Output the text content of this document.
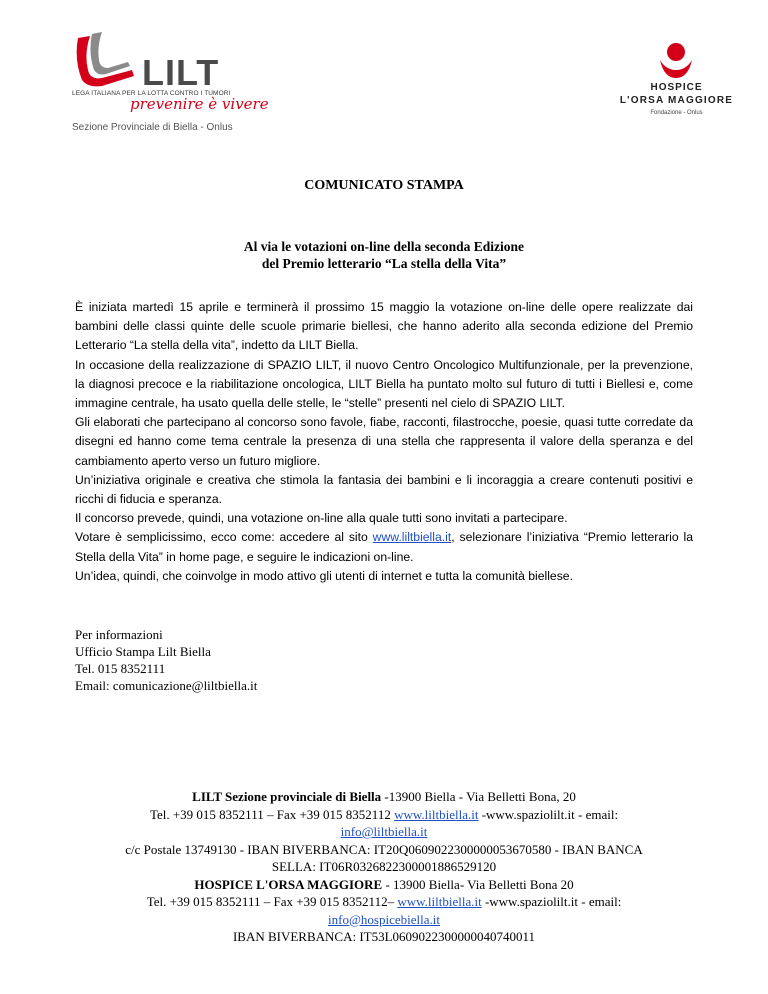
LILT
LEGA ITALIANA PER LA LOTTA CONTRO I TUMORI
prevenire è vivere
Sezione Provinciale di Biella - Onlus
HOSPICE
L'ORSA MAGGIORE
Fondazione - Onlus
COMUNICATO STAMPA
Al via le votazioni on-line della seconda Edizione
del Premio letterario “La stella della Vita”

È iniziata martedì 15 aprile e terminerà il prossimo 15 maggio la votazione on-line delle opere realizzate dai bambini delle classi quinte delle scuole primarie biellesi, che hanno aderito alla seconda edizione del Premio Letterario “La stella della vita”, indetto da LILT Biella.

In occasione della realizzazione di SPAZIO LILT, il nuovo Centro Oncologico Multifunzionale, per la prevenzione, la diagnosi precoce e la riabilitazione oncologica, LILT Biella ha puntato molto sul futuro di tutti i Biellesi e, come immagine centrale, ha usato quella delle stelle, le “stelle” presenti nel cielo di SPAZIO LILT.

Gli elaborati che partecipano al concorso sono favole, fiabe, racconti, filastrocche, poesie, quasi tutte corredate da disegni ed hanno come tema centrale la presenza di una stella che rappresenta il valore della speranza e del cambiamento aperto verso un futuro migliore.

Un’iniziativa originale e creativa che stimola la fantasia dei bambini e li incoraggia a creare contenuti positivi e ricchi di fiducia e speranza.

Il concorso prevede, quindi, una votazione on-line alla quale tutti sono invitati a partecipare.

Votare è semplicissimo, ecco come: accedere al sito www.liltbiella.it, selezionare l’iniziativa “Premio letterario la Stella della Vita” in home page, e seguire le indicazioni on-line.

Un’idea, quindi, che coinvolge in modo attivo gli utenti di internet e tutta la comunità biellese.

Per informazioni
Ufficio Stampa Lilt Biella
Tel. 015 8352111
Email: comunicazione@liltbiella.it
LILT Sezione provinciale di Biella -13900 Biella - Via Belletti Bona, 20
Tel. +39 015 8352111 – Fax +39 015 8352112 www.liltbiella.it -www.spaziolilt.it - email:
info@liltbiella.it
c/c Postale 13749130 - IBAN BIVERBANCA: IT20Q0609022300000053670580 - IBAN BANCA
SELLA: IT06R0326822300001886529120
HOSPICE L'ORSA MAGGIORE - 13900 Biella- Via Belletti Bona 20
Tel. +39 015 8352111 – Fax +39 015 8352112– www.liltbiella.it -www.spaziolilt.it - email:
info@hospicebiella.it
IBAN BIVERBANCA: IT53L0609022300000040740011
